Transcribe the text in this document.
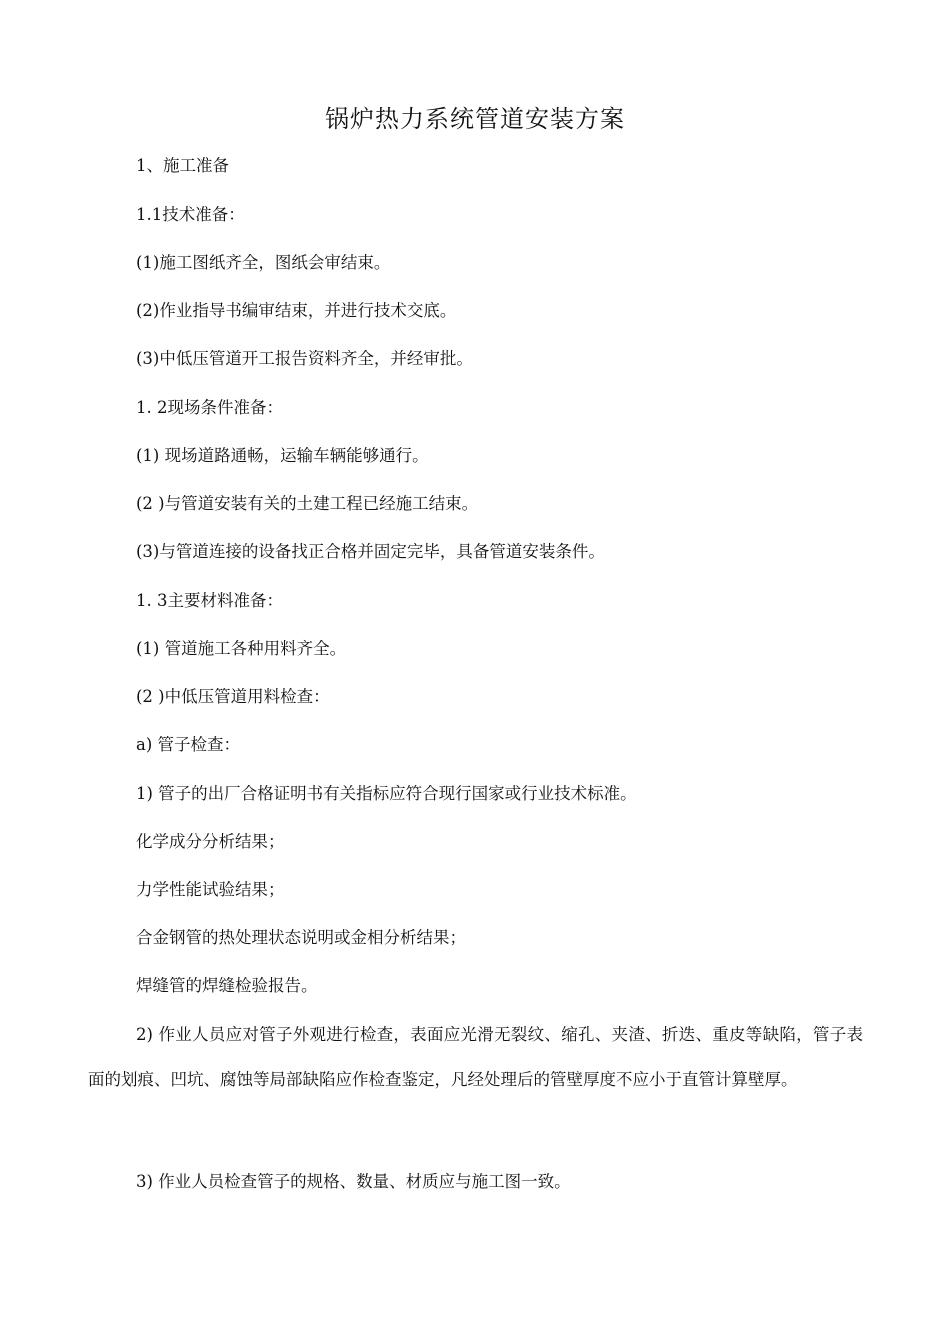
锅炉热力系统管道安装方案
1、施工准备
1.1技术准备：
(1)施工图纸齐全，图纸会审结束。
(2)作业指导书编审结束，并进行技术交底。
(3)中低压管道开工报告资料齐全，并经审批。
1. 2现场条件准备：
(1) 现场道路通畅，运输车辆能够通行。
(2 )与管道安装有关的土建工程已经施工结束。
(3)与管道连接的设备找正合格并固定完毕，具备管道安装条件。
1. 3主要材料准备：
(1) 管道施工各种用料齐全。
(2 )中低压管道用料检查：
a) 管子检查：
1) 管子的出厂合格证明书有关指标应符合现行国家或行业技术标准。
化学成分分析结果；
力学性能试验结果；
合金钢管的热处理状态说明或金相分析结果；
焊缝管的焊缝检验报告。
2) 作业人员应对管子外观进行检查，表面应光滑无裂纹、缩孔、夹渣、折迭、重皮等缺陷，管子表面的划痕、凹坑、腐蚀等局部缺陷应作检查鉴定，凡经处理后的管壁厚度不应小于直管计算壁厚。
3) 作业人员检查管子的规格、数量、材质应与施工图一致。
